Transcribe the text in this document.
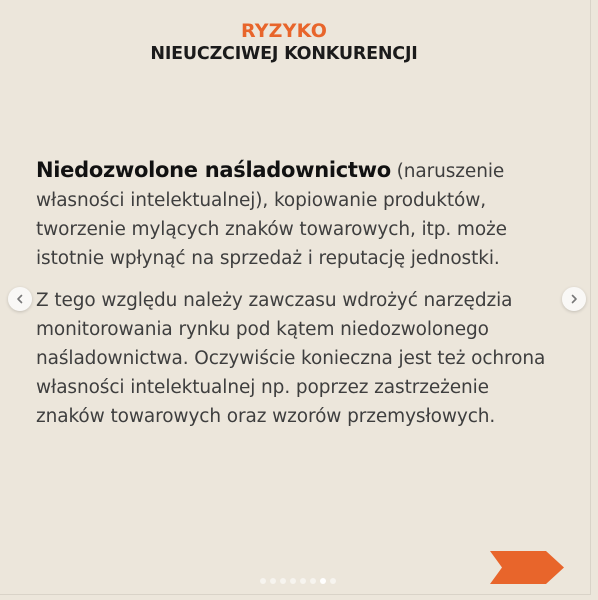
RYZYKO
NIEUCZCIWEJ KONKURENCJI
Niedozwolone naśladownictwo (naruszenie
własności intelektualnej), kopiowanie produktów,
tworzenie mylących znaków towarowych, itp. może
istotnie wpłynąć na sprzedaż i reputację jednostki.
Z tego względu należy zawczasu wdrożyć narzędzia
monitorowania rynku pod kątem niedozwolonego
naśladownictwa. Oczywiście konieczna jest też ochrona
własności intelektualnej np. poprzez zastrzeżenie
znaków towarowych oraz wzorów przemysłowych.
